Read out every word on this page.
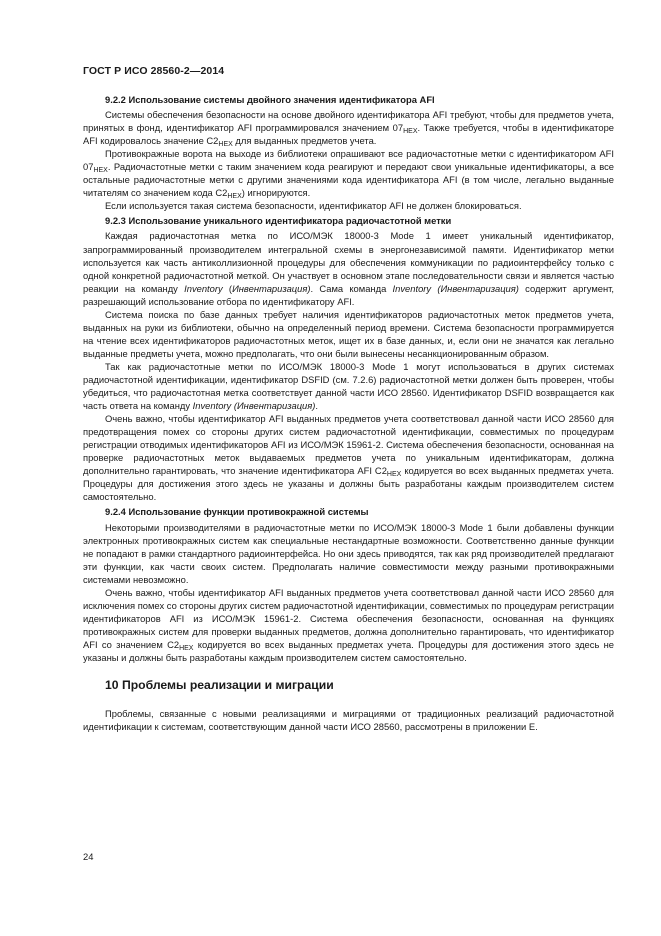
ГОСТ Р ИСО 28560-2—2014
9.2.2 Использование системы двойного значения идентификатора AFI

Системы обеспечения безопасности на основе двойного идентификатора AFI требуют, чтобы для предметов учета, принятых в фонд, идентификатор AFI программировался значением $07_{HEX}$. Также требуется, чтобы в идентификаторе AFI кодировалось значение $C2_{HEX}$ для выданных предметов учета.

Противокражные ворота на выходе из библиотеки опрашивают все радиочастотные метки с идентификатором AFI $07_{HEX}$. Радиочастотные метки с таким значением кода реагируют и передают свои уникальные идентификаторы, а все остальные радиочастотные метки с другими значениями кода идентификатора AFI (в том числе, легально выданные читателям со значением кода $C2_{HEX}$) игнорируются.

Если используется такая система безопасности, идентификатор AFI не должен блокироваться.

9.2.3 Использование уникального идентификатора радиочастотной метки

Каждая радиочастотная метка по ИСО/МЭК 18000-3 Mode 1 имеет уникальный идентификатор, запрограммированный производителем интегральной схемы в энергонезависимой памяти. Идентификатор метки используется как часть антиколлизионной процедуры для обеспечения коммуникации по радиоинтерфейсу только с одной конкретной радиочастотной меткой. Он участвует в основном этапе последовательности связи и является частью реакции на команду Inventory (Инвентаризация). Сама команда Inventory (Инвентаризация) содержит аргумент, разрешающий использование отбора по идентификатору AFI.

Система поиска по базе данных требует наличия идентификаторов радиочастотных меток предметов учета, выданных на руки из библиотеки, обычно на определенный период времени. Система безопасности программируется на чтение всех идентификаторов радиочастотных меток, ищет их в базе данных, и, если они не значатся как легально выданные предметы учета, можно предполагать, что они были вынесены несанкционированным образом.

Так как радиочастотные метки по ИСО/МЭК 18000-3 Mode 1 могут использоваться в других системах радиочастотной идентификации, идентификатор DSFID (см. 7.2.6) радиочастотной метки должен быть проверен, чтобы убедиться, что радиочастотная метка соответствует данной части ИСО 28560. Идентификатор DSFID возвращается как часть ответа на команду Inventory (Инвентаризация).

Очень важно, чтобы идентификатор AFI выданных предметов учета соответствовал данной части ИСО 28560 для предотвращения помех со стороны других систем радиочастотной идентификации, совместимых по процедурам регистрации отводимых идентификаторов AFI из ИСО/МЭК 15961-2. Система обеспечения безопасности, основанная на проверке радиочастотных меток выдаваемых предметов учета по уникальным идентификаторам, должна дополнительно гарантировать, что значение идентификатора AFI $C2_{HEX}$ кодируется во всех выданных предметах учета. Процедуры для достижения этого здесь не указаны и должны быть разработаны каждым производителем систем самостоятельно.

9.2.4 Использование функции противокражной системы

Некоторыми производителями в радиочастотные метки по ИСО/МЭК 18000-3 Mode 1 были добавлены функции электронных противокражных систем как специальные нестандартные возможности. Соответственно данные функции не попадают в рамки стандартного радиоинтерфейса. Но они здесь приводятся, так как ряд производителей предлагают эти функции, как части своих систем. Предполагать наличие совместимости между разными противокражными системами невозможно.

Очень важно, чтобы идентификатор AFI выданных предметов учета соответствовал данной части ИСО 28560 для исключения помех со стороны других систем радиочастотной идентификации, совместимых по процедурам регистрации идентификаторов AFI из ИСО/МЭК 15961-2. Система обеспечения безопасности, основанная на функциях противокражных систем для проверки выданных предметов, должна дополнительно гарантировать, что идентификатор AFI со значением $C2_{HEX}$ кодируется во всех выданных предметах учета. Процедуры для достижения этого здесь не указаны и должны быть разработаны каждым производителем систем самостоятельно.

10 Проблемы реализации и миграции

Проблемы, связанные с новыми реализациями и миграциями от традиционных реализаций радиочастотной идентификации к системам, соответствующим данной части ИСО 28560, рассмотрены в приложении Е.

24
